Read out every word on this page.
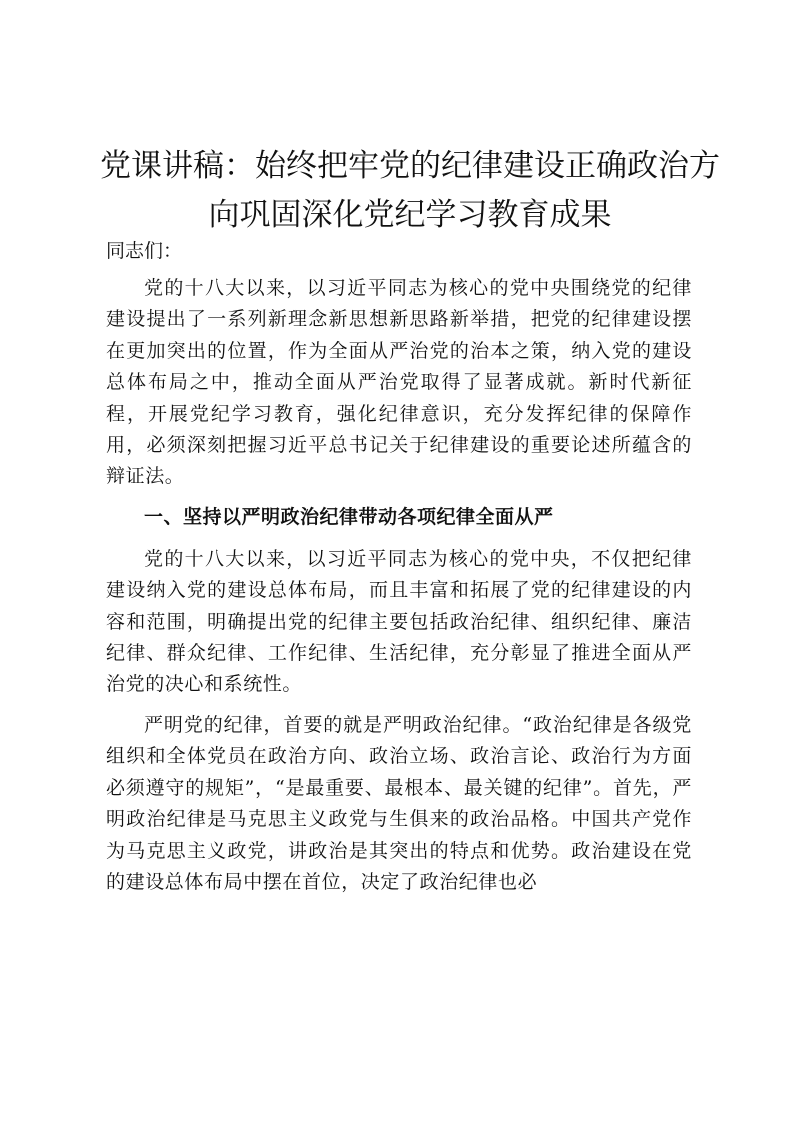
党课讲稿：始终把牢党的纪律建设正确政治方向巩固深化党纪学习教育成果

同志们：

党的十八大以来，以习近平同志为核心的党中央围绕党的纪律建设提出了一系列新理念新思想新思路新举措，把党的纪律建设摆在更加突出的位置，作为全面从严治党的治本之策，纳入党的建设总体布局之中，推动全面从严治党取得了显著成就。新时代新征程，开展党纪学习教育，强化纪律意识，充分发挥纪律的保障作用，必须深刻把握习近平总书记关于纪律建设的重要论述所蕴含的辩证法。

一、坚持以严明政治纪律带动各项纪律全面从严

党的十八大以来，以习近平同志为核心的党中央，不仅把纪律建设纳入党的建设总体布局，而且丰富和拓展了党的纪律建设的内容和范围，明确提出党的纪律主要包括政治纪律、组织纪律、廉洁纪律、群众纪律、工作纪律、生活纪律，充分彰显了推进全面从严治党的决心和系统性。

严明党的纪律，首要的就是严明政治纪律。“政治纪律是各级党组织和全体党员在政治方向、政治立场、政治言论、政治行为方面必须遵守的规矩”，“是最重要、最根本、最关键的纪律”。首先，严明政治纪律是马克思主义政党与生俱来的政治品格。中国共产党作为马克思主义政党，讲政治是其突出的特点和优势。政治建设在党的建设总体布局中摆在首位，决定了政治纪律也必
